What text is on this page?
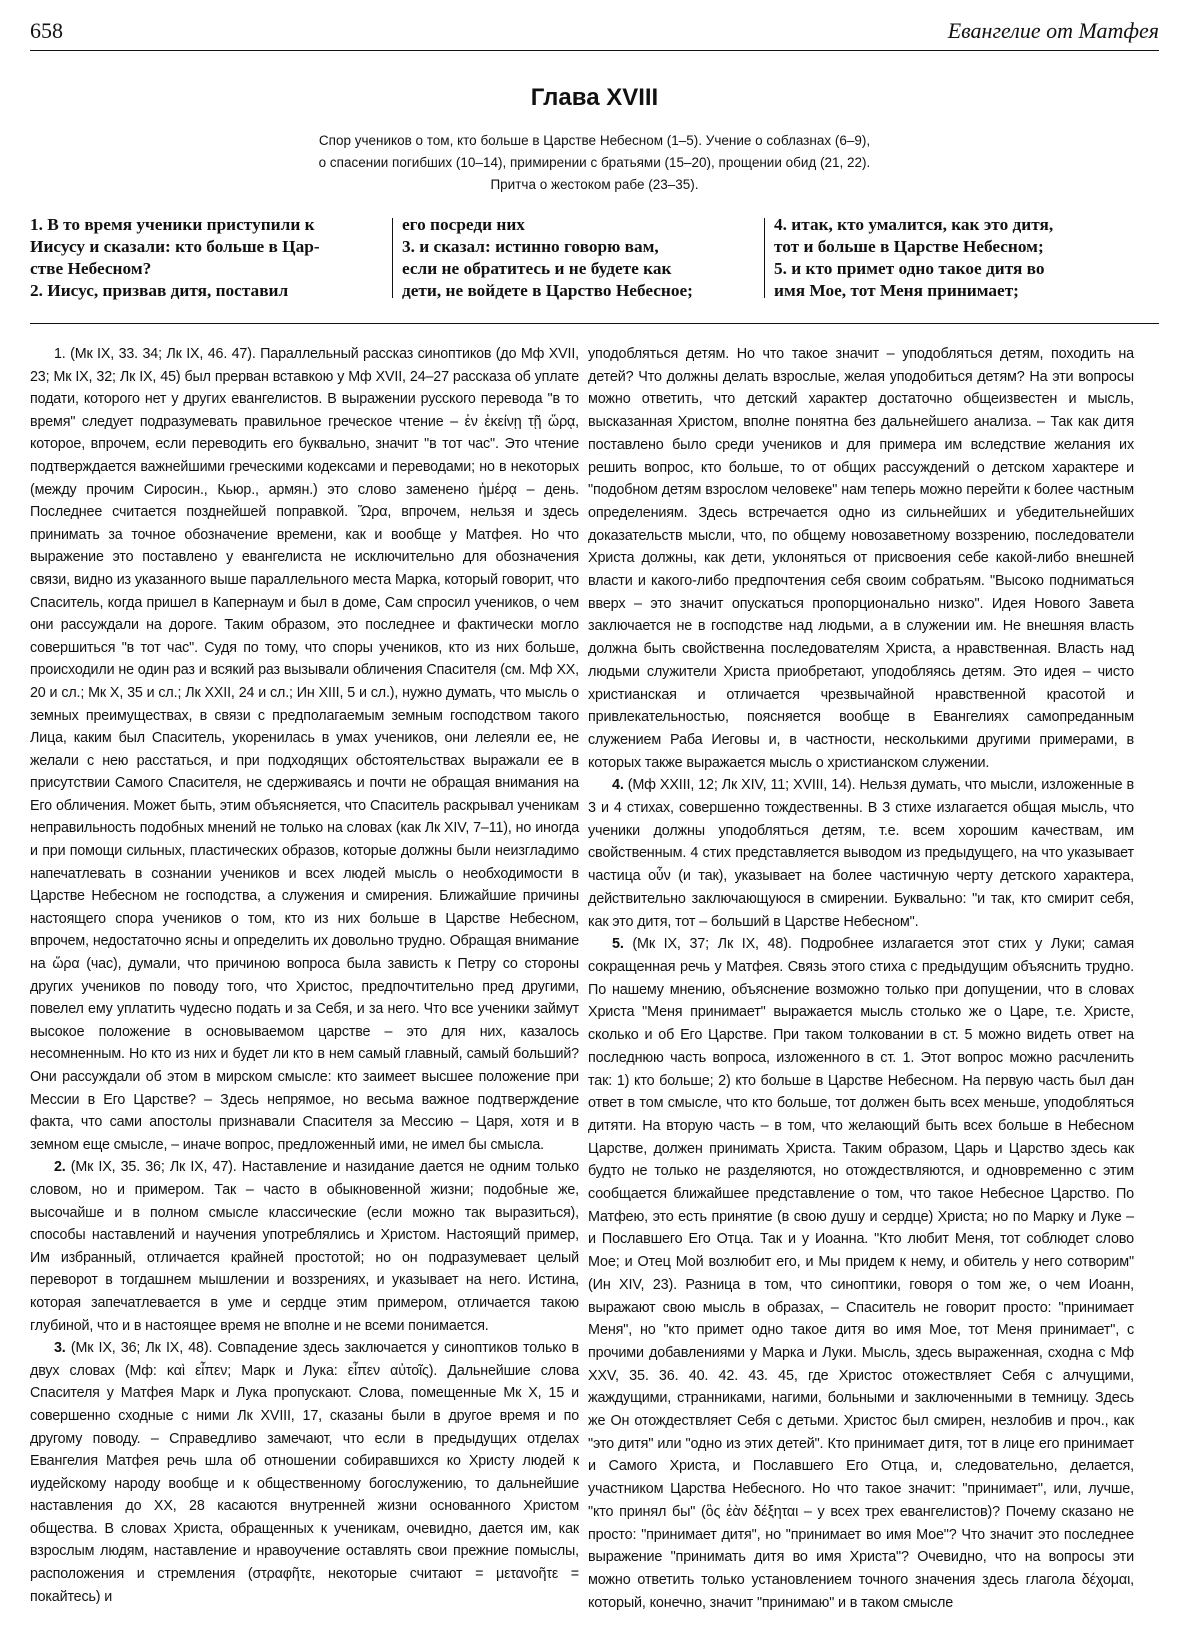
658	Евангелие от Матфея
Глава XVIII
Спор учеников о том, кто больше в Царстве Небесном (1–5). Учение о соблазнах (6–9),
о спасении погибших (10–14), примирении с братьями (15–20), прощении обид (21, 22).
Притча о жестоком рабе (23–35).
1. В то время ученики приступили к
Иисусу и сказали: кто больше в Цар-
стве Небесном?
2. Иисус, призвав дитя, поставил
его посреди них
3. и сказал: истинно говорю вам,
если не обратитесь и не будете как
дети, не войдете в Царство Небесное;
4. итак, кто умалится, как это дитя,
тот и больше в Царстве Небесном;
5. и кто примет одно такое дитя во
имя Мое, тот Меня принимает;

1. (Мк IX, 33. 34; Лк IX, 46. 47). Параллельный рассказ синоптиков (до Мф XVII, 23; Мк IX, 32; Лк IX, 45) был прерван вставкою у Мф XVII, 24–27 рассказа об уплате подати, которого нет у других евангелистов. В выражении русского перевода "в то время" следует подразумевать правильное греческое чтение – ἐν ἐκείνῃ τῇ ὥρᾳ, которое, впрочем, если переводить его буквально, значит "в тот час". Это чтение подтверждается важнейшими греческими кодексами и переводами; но в некоторых (между прочим Сиросин., Кьюр., армян.) это слово заменено ἡμέρᾳ – день. Последнее считается позднейшей поправкой. Ὥρα, впрочем, нельзя и здесь принимать за точное обозначение времени, как и вообще у Матфея. Но что выражение это поставлено у евангелиста не исключительно для обозначения связи, видно из указанного выше параллельного места Марка, который говорит, что Спаситель, когда пришел в Капернаум и был в доме, Сам спросил учеников, о чем они рассуждали на дороге. Таким образом, это последнее и фактически могло совершиться "в тот час". Судя по тому, что споры учеников, кто из них больше, происходили не один раз и всякий раз вызывали обличения Спасителя (см. Мф XX, 20 и сл.; Мк X, 35 и сл.; Лк XXII, 24 и сл.; Ин XIII, 5 и сл.), нужно думать, что мысль о земных преимуществах, в связи с предполагаемым земным господством такого Лица, каким был Спаситель, укоренилась в умах учеников, они лелеяли ее, не желали с нею расстаться, и при подходящих обстоятельствах выражали ее в присутствии Самого Спасителя, не сдерживаясь и почти не обращая внимания на Его обличения. Может быть, этим объясняется, что Спаситель раскрывал ученикам неправильность подобных мнений не только на словах (как Лк XIV, 7–11), но иногда и при помощи сильных, пластических образов, которые должны были неизгладимо напечатлевать в сознании учеников и всех людей мысль о необходимости в Царстве Небесном не господства, а служения и смирения. Ближайшие причины настоящего спора учеников о том, кто из них больше в Царстве Небесном, впрочем, недостаточно ясны и определить их довольно трудно. Обращая внимание на ὥρα (час), думали, что причиною вопроса была зависть к Петру со стороны других учеников по поводу того, что Христос, предпочтительно пред другими, повелел ему уплатить чудесно подать и за Себя, и за него. Что все ученики займут высокое положение в основываемом царстве – это для них, казалось несомненным. Но кто из них и будет ли кто в нем самый главный, самый больший? Они рассуждали об этом в мирском смысле: кто заимеет высшее положение при Мессии в Его Царстве? – Здесь непрямое, но весьма важное подтверждение факта, что сами апостолы признавали Спасителя за Мессию – Царя, хотя и в земном еще смысле, – иначе вопрос, предложенный ими, не имел бы смысла.

2. (Мк IX, 35. 36; Лк IX, 47). Наставление и назидание дается не одним только словом, но и примером. Так – часто в обыкновенной жизни; подобные же, высочайше и в полном смысле классические (если можно так выразиться), способы наставлений и научения употреблялись и Христом. Настоящий пример, Им избранный, отличается крайней простотой; но он подразумевает целый переворот в тогдашнем мышлении и воззрениях, и указывает на него. Истина, которая запечатлевается в уме и сердце этим примером, отличается такою глубиной, что и в настоящее время не вполне и не всеми понимается.

3. (Мк IX, 36; Лк IX, 48). Совпадение здесь заключается у синоптиков только в двух словах (Мф: καὶ εἶπεν; Марк и Лука: εἶπεν αὐτοῖς). Дальнейшие слова Спасителя у Матфея Марк и Лука пропускают. Слова, помещенные Мк X, 15 и совершенно сходные с ними Лк XVIII, 17, сказаны были в другое время и по другому поводу. – Справедливо замечают, что если в предыдущих отделах Евангелия Матфея речь шла об отношении собиравшихся ко Христу людей к иудейскому народу вообще и к общественному богослужению, то дальнейшие наставления до XX, 28 касаются внутренней жизни основанного Христом общества. В словах Христа, обращенных к ученикам, очевидно, дается им, как взрослым людям, наставление и нравоучение оставлять свои прежние помыслы, расположения и стремления (στραφῆτε, некоторые считают = μετανοῆτε = покайтесь) и

уподобляться детям. Но что такое значит – уподобляться детям, походить на детей? Что должны делать взрослые, желая уподобиться детям? На эти вопросы можно ответить, что детский характер достаточно общеизвестен и мысль, высказанная Христом, вполне понятна без дальнейшего анализа. – Так как дитя поставлено было среди учеников и для примера им вследствие желания их решить вопрос, кто больше, то от общих рассуждений о детском характере и "подобном детям взрослом человеке" нам теперь можно перейти к более частным определениям. Здесь встречается одно из сильнейших и убедительнейших доказательств мысли, что, по общему новозаветному воззрению, последователи Христа должны, как дети, уклоняться от присвоения себе какой-либо внешней власти и какого-либо предпочтения себя своим собратьям. "Высоко подниматься вверх – это значит опускаться пропорционально низко". Идея Нового Завета заключается не в господстве над людьми, а в служении им. Не внешняя власть должна быть свойственна последователям Христа, а нравственная. Власть над людьми служители Христа приобретают, уподобляясь детям. Это идея – чисто христианская и отличается чрезвычайной нравственной красотой и привлекательностью, поясняется вообще в Евангелиях самопреданным служением Раба Иеговы и, в частности, несколькими другими примерами, в которых также выражается мысль о христианском служении.

4. (Мф XXIII, 12; Лк XIV, 11; XVIII, 14). Нельзя думать, что мысли, изложенные в 3 и 4 стихах, совершенно тождественны. В 3 стихе излагается общая мысль, что ученики должны уподобляться детям, т.е. всем хорошим качествам, им свойственным. 4 стих представляется выводом из предыдущего, на что указывает частица οὖν (и так), указывает на более частичную черту детского характера, действительно заключающуюся в смирении. Буквально: "и так, кто смирит себя, как это дитя, тот – больший в Царстве Небесном".

5. (Мк IX, 37; Лк IX, 48). Подробнее излагается этот стих у Луки; самая сокращенная речь у Матфея. Связь этого стиха с предыдущим объяснить трудно. По нашему мнению, объяснение возможно только при допущении, что в словах Христа "Меня принимает" выражается мысль столько же о Царе, т.е. Христе, сколько и об Его Царстве. При таком толковании в ст. 5 можно видеть ответ на последнюю часть вопроса, изложенного в ст. 1. Этот вопрос можно расчленить так: 1) кто больше; 2) кто больше в Царстве Небесном. На первую часть был дан ответ в том смысле, что кто больше, тот должен быть всех меньше, уподобляться дитяти. На вторую часть – в том, что желающий быть всех больше в Небесном Царстве, должен принимать Христа. Таким образом, Царь и Царство здесь как будто не только не разделяются, но отождествляются, и одновременно с этим сообщается ближайшее представление о том, что такое Небесное Царство. По Матфею, это есть принятие (в свою душу и сердце) Христа; но по Марку и Луке – и Пославшего Его Отца. Так и у Иоанна. "Кто любит Меня, тот соблюдет слово Мое; и Отец Мой возлюбит его, и Мы придем к нему, и обитель у него сотворим" (Ин XIV, 23). Разница в том, что синоптики, говоря о том же, о чем Иоанн, выражают свою мысль в образах, – Спаситель не говорит просто: "принимает Меня", но "кто примет одно такое дитя во имя Мое, тот Меня принимает", с прочими добавлениями у Марка и Луки. Мысль, здесь выраженная, сходна с Мф XXV, 35. 36. 40. 42. 43. 45, где Христос отожествляет Себя с алчущими, жаждущими, странниками, нагими, больными и заключенными в темницу. Здесь же Он отождествляет Себя с детьми. Христос был смирен, незлобив и проч., как "это дитя" или "одно из этих детей". Кто принимает дитя, тот в лице его принимает и Самого Христа, и Пославшего Его Отца, и, следовательно, делается, участником Царства Небесного. Но что такое значит: "принимает", или, лучше, "кто принял бы" (ὃς ἐὰν δέξηται – у всех трех евангелистов)? Почему сказано не просто: "принимает дитя", но "принимает во имя Мое"? Что значит это последнее выражение "принимать дитя во имя Христа"? Очевидно, что на вопросы эти можно ответить только установлением точного значения здесь глагола δέχομαι, который, конечно, значит "принимаю" и в таком смысле
